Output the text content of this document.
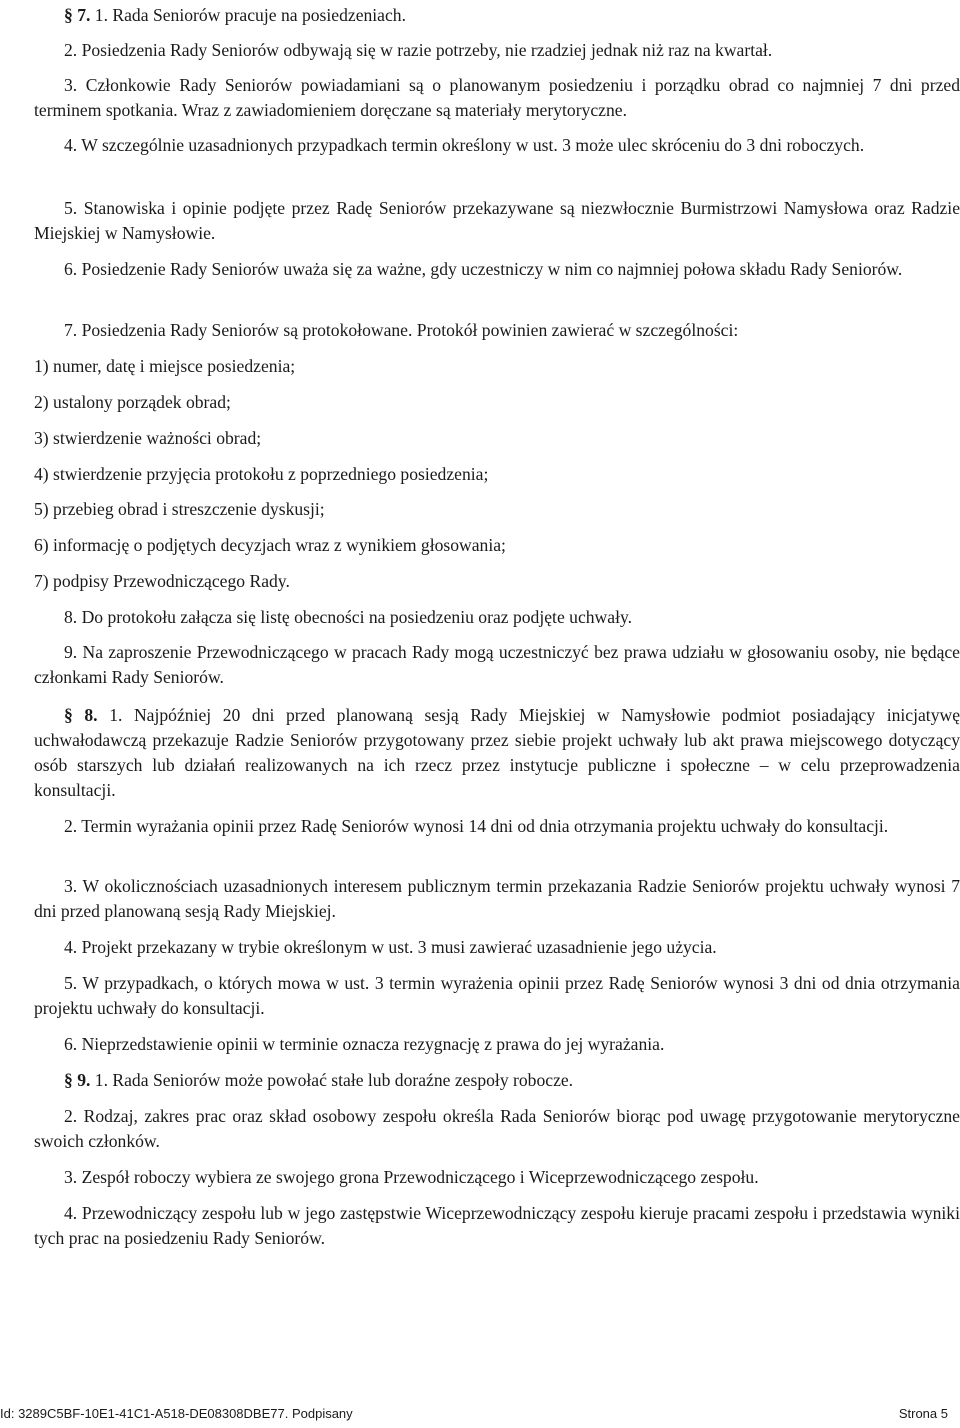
§ 7. 1. Rada Seniorów pracuje na posiedzeniach.

2. Posiedzenia Rady Seniorów odbywają się w razie potrzeby, nie rzadziej jednak niż raz na kwartał.

3. Członkowie Rady Seniorów powiadamiani są o planowanym posiedzeniu i porządku obrad co najmniej 7 dni przed terminem spotkania. Wraz z zawiadomieniem doręczane są materiały merytoryczne.

4. W szczególnie uzasadnionych przypadkach termin określony w ust. 3 może ulec skróceniu do 3 dni roboczych.

5. Stanowiska i opinie podjęte przez Radę Seniorów przekazywane są niezwłocznie Burmistrzowi Namysłowa oraz Radzie Miejskiej w Namysłowie.

6. Posiedzenie Rady Seniorów uważa się za ważne, gdy uczestniczy w nim co najmniej połowa składu Rady Seniorów.

7. Posiedzenia Rady Seniorów są protokołowane. Protokół powinien zawierać w szczególności:

1) numer, datę i miejsce posiedzenia;

2) ustalony porządek obrad;

3) stwierdzenie ważności obrad;

4) stwierdzenie przyjęcia protokołu z poprzedniego posiedzenia;

5) przebieg obrad i streszczenie dyskusji;

6) informację o podjętych decyzjach wraz z wynikiem głosowania;

7) podpisy Przewodniczącego Rady.

8. Do protokołu załącza się listę obecności na posiedzeniu oraz podjęte uchwały.

9. Na zaproszenie Przewodniczącego w pracach Rady mogą uczestniczyć bez prawa udziału w głosowaniu osoby, nie będące członkami Rady Seniorów.

§ 8. 1. Najpóźniej 20 dni przed planowaną sesją Rady Miejskiej w Namysłowie podmiot posiadający inicjatywę uchwałodawczą przekazuje Radzie Seniorów przygotowany przez siebie projekt uchwały lub akt prawa miejscowego dotyczący osób starszych lub działań realizowanych na ich rzecz przez instytucje publiczne i społeczne – w celu przeprowadzenia konsultacji.

2. Termin wyrażania opinii przez Radę Seniorów wynosi 14 dni od dnia otrzymania projektu uchwały do konsultacji.

3. W okolicznościach uzasadnionych interesem publicznym termin przekazania Radzie Seniorów projektu uchwały wynosi 7 dni przed planowaną sesją Rady Miejskiej.

4. Projekt przekazany w trybie określonym w ust. 3 musi zawierać uzasadnienie jego użycia.

5. W przypadkach, o których mowa w ust. 3 termin wyrażenia opinii przez Radę Seniorów wynosi 3 dni od dnia otrzymania projektu uchwały do konsultacji.

6. Nieprzedstawienie opinii w terminie oznacza rezygnację z prawa do jej wyrażania.

§ 9. 1. Rada Seniorów może powołać stałe lub doraźne zespoły robocze.

2. Rodzaj, zakres prac oraz skład osobowy zespołu określa Rada Seniorów biorąc pod uwagę przygotowanie merytoryczne swoich członków.

3. Zespół roboczy wybiera ze swojego grona Przewodniczącego i Wiceprzewodniczącego zespołu.

4. Przewodniczący zespołu lub w jego zastępstwie Wiceprzewodniczący zespołu kieruje pracami zespołu i przedstawia wyniki tych prac na posiedzeniu Rady Seniorów.

Id: 3289C5BF-10E1-41C1-A518-DE08308DBE77. Podpisany	Strona 5
